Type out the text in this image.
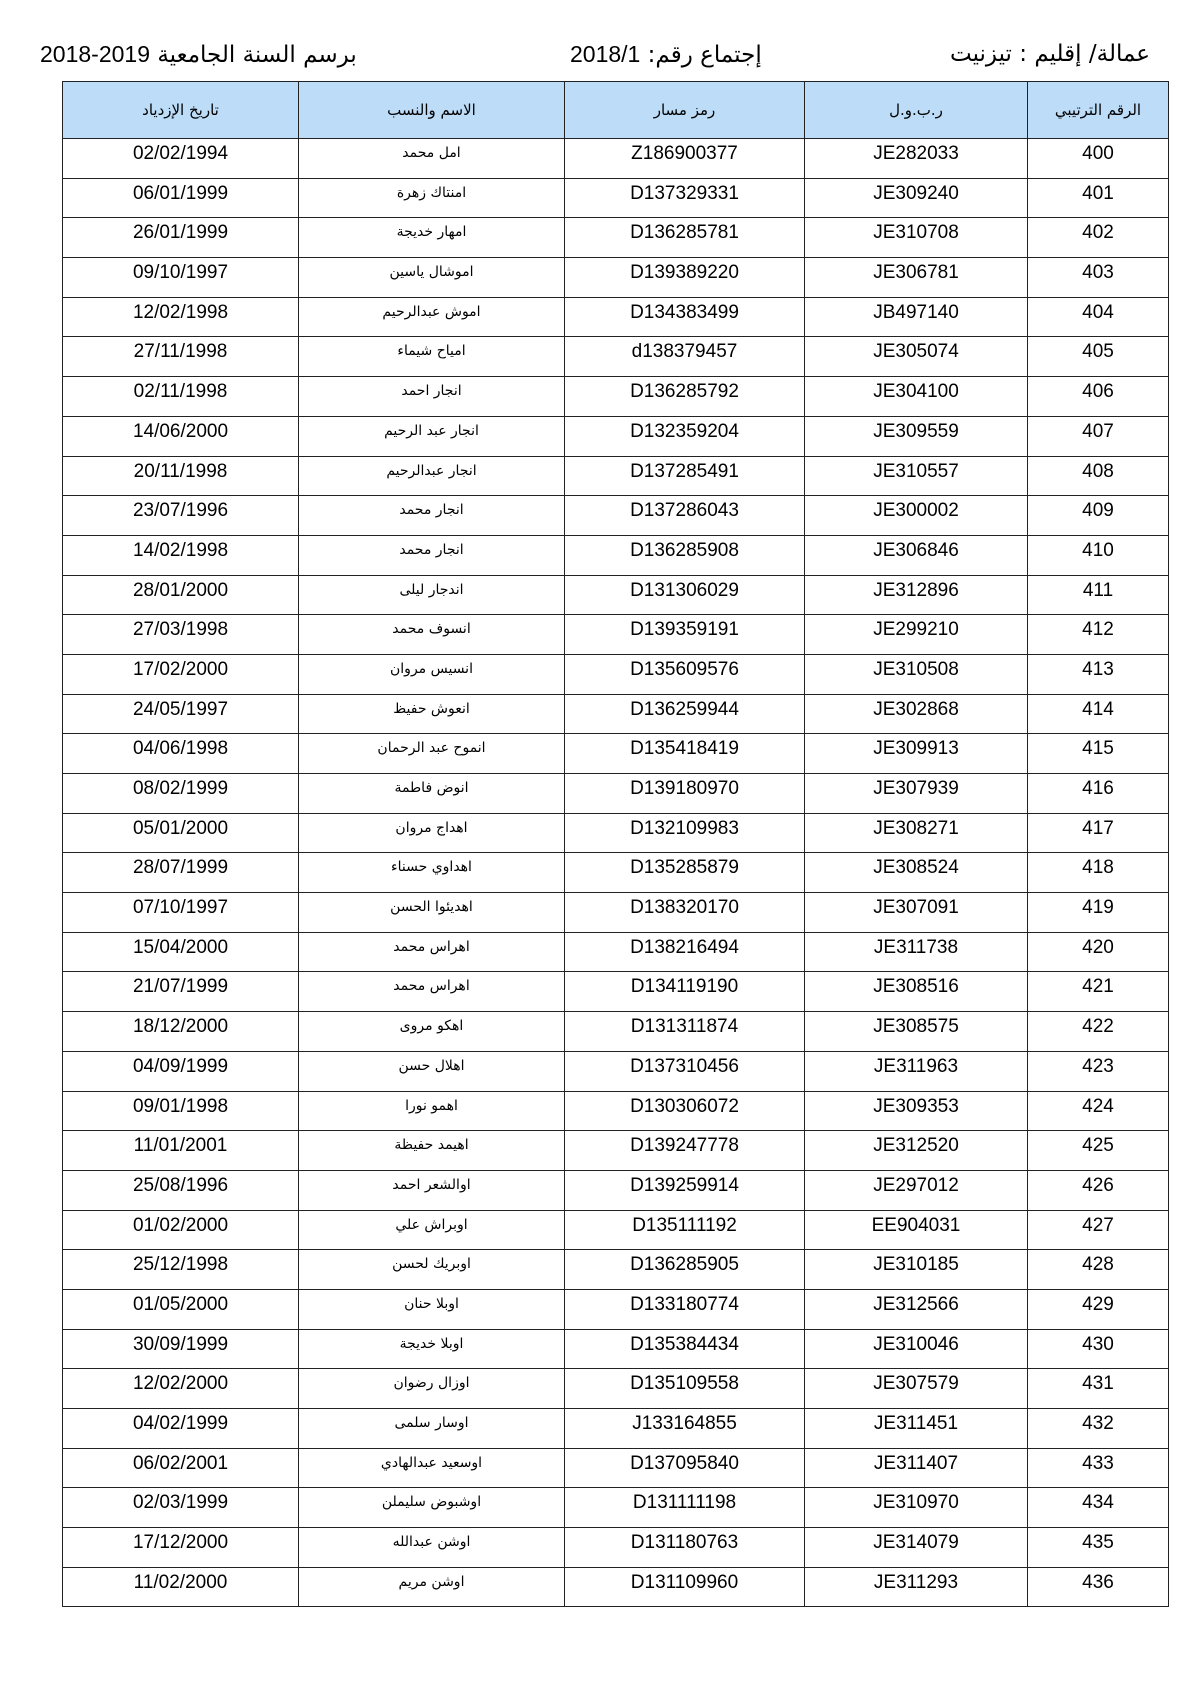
عمالة/ إقليم : تيزنيت
إجتماع رقم: 2018/1
برسم السنة الجامعية 2019-2018
الرقم الترتيبي	ر.ب.و.ل	رمز مسار	الاسم والنسب	تاريخ الإزدياد
400	JE282033	Z186900377	امل محمد	02/02/1994
401	JE309240	D137329331	امنتاك زهرة	06/01/1999
402	JE310708	D136285781	امهار خديجة	26/01/1999
403	JE306781	D139389220	اموشال ياسين	09/10/1997
404	JB497140	D134383499	اموش عبدالرحيم	12/02/1998
405	JE305074	d138379457	امياح شيماء	27/11/1998
406	JE304100	D136285792	انجار احمد	02/11/1998
407	JE309559	D132359204	انجار عبد الرحيم	14/06/2000
408	JE310557	D137285491	انجار عبدالرحيم	20/11/1998
409	JE300002	D137286043	انجار محمد	23/07/1996
410	JE306846	D136285908	انجار محمد	14/02/1998
411	JE312896	D131306029	اندجار ليلى	28/01/2000
412	JE299210	D139359191	انسوف محمد	27/03/1998
413	JE310508	D135609576	انسيس مروان	17/02/2000
414	JE302868	D136259944	انعوش حفيظ	24/05/1997
415	JE309913	D135418419	انموح عبد الرحمان	04/06/1998
416	JE307939	D139180970	انوض فاطمة	08/02/1999
417	JE308271	D132109983	اهداج مروان	05/01/2000
418	JE308524	D135285879	اهداوي حسناء	28/07/1999
419	JE307091	D138320170	اهديئوا الحسن	07/10/1997
420	JE311738	D138216494	اهراس محمد	15/04/2000
421	JE308516	D134119190	اهراس محمد	21/07/1999
422	JE308575	D131311874	اهكو مروى	18/12/2000
423	JE311963	D137310456	اهلال حسن	04/09/1999
424	JE309353	D130306072	اهمو نورا	09/01/1998
425	JE312520	D139247778	اهيمد حفيظة	11/01/2001
426	JE297012	D139259914	اوالشعر احمد	25/08/1996
427	EE904031	D135111192	اوبراش علي	01/02/2000
428	JE310185	D136285905	اوبريك لحسن	25/12/1998
429	JE312566	D133180774	اوبلا حنان	01/05/2000
430	JE310046	D135384434	اوبلا خديجة	30/09/1999
431	JE307579	D135109558	اوزال رضوان	12/02/2000
432	JE311451	J133164855	اوسار سلمى	04/02/1999
433	JE311407	D137095840	اوسعيد عبدالهادي	06/02/2001
434	JE310970	D131111198	اوشبوض سليملن	02/03/1999
435	JE314079	D131180763	اوشن عبدالله	17/12/2000
436	JE311293	D131109960	اوشن مريم	11/02/2000
